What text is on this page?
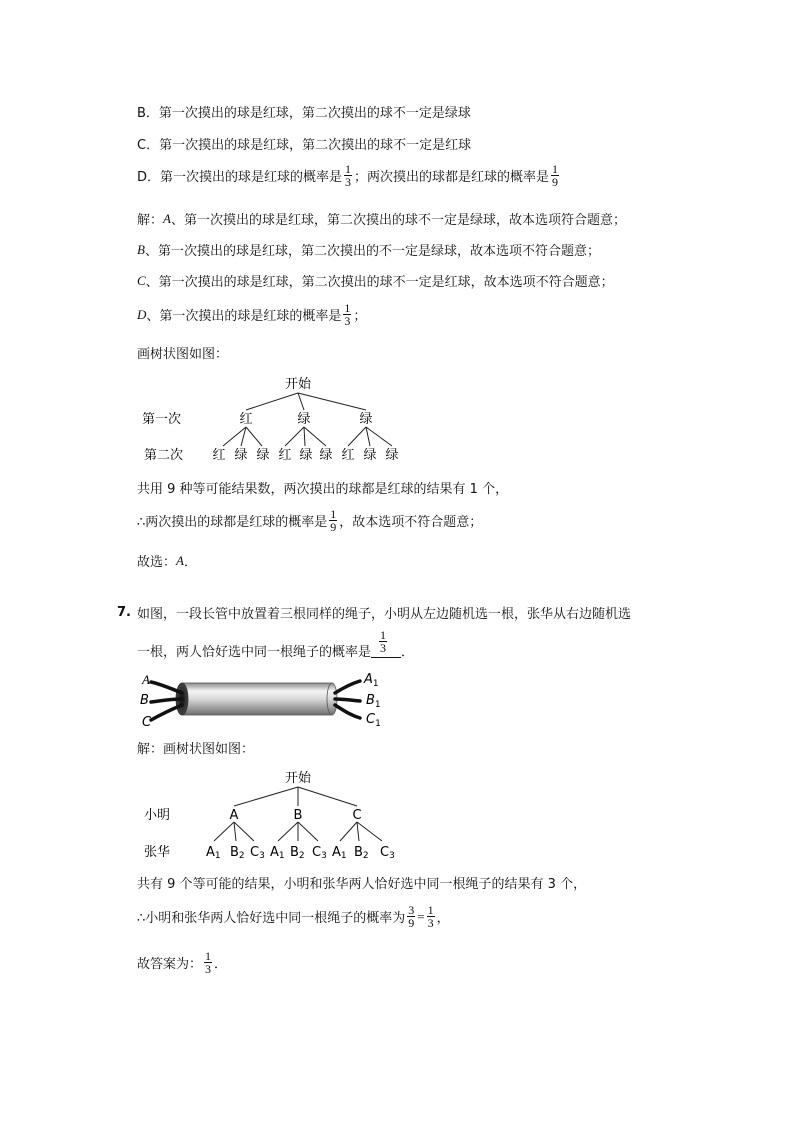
B．第一次摸出的球是红球，第二次摸出的球不一定是绿球
C．第一次摸出的球是红球，第二次摸出的球不一定是红球
D．第一次摸出的球是红球的概率是 $\frac{1}{3}$ ；两次摸出的球都是红球的概率是 $\frac{1}{9}$
解： A 、第一次摸出的球是红球，第二次摸出的球不一定是绿球，故本选项符合题意；
B 、第一次摸出的球是红球，第二次摸出的不一定是绿球，故本选项不符合题意；
C 、第一次摸出的球是红球，第二次摸出的球不一定是红球，故本选项不符合题意；
D 、第一次摸出的球是红球的概率是 $\frac{1}{3}$ ；
画树状图如图：
开始
第一次
第二次
红	绿	绿
红 绿 绿 红 绿 绿 红 绿 绿
共用 9 种等可能结果数，两次摸出的球都是红球的结果有 1 个，
∴两次摸出的球都是红球的概率是 $\frac{1}{9}$ ，故本选项不符合题意；
故选： A ．
7. 如图，一段长管中放置着三根同样的绳子，小明从左边随机选一根，张华从右边随机选
一根，两人恰好选中同一根绳子的概率是 $\frac{1}{3}$ ．
A
B
C
$A_1$
$B_1$
$C_1$
解：画树状图如图：
开始
小明
张华
A	B	C
A1 B2 C3 A1 B2 C3 A1 B2 C3
共有 9 个等可能的结果，小明和张华两人恰好选中同一根绳子的结果有 3 个，
∴小明和张华两人恰好选中同一根绳子的概率为 $\frac{3}{9} = \frac{1}{3}$ ，
故答案为： $\frac{1}{3}$ ．
